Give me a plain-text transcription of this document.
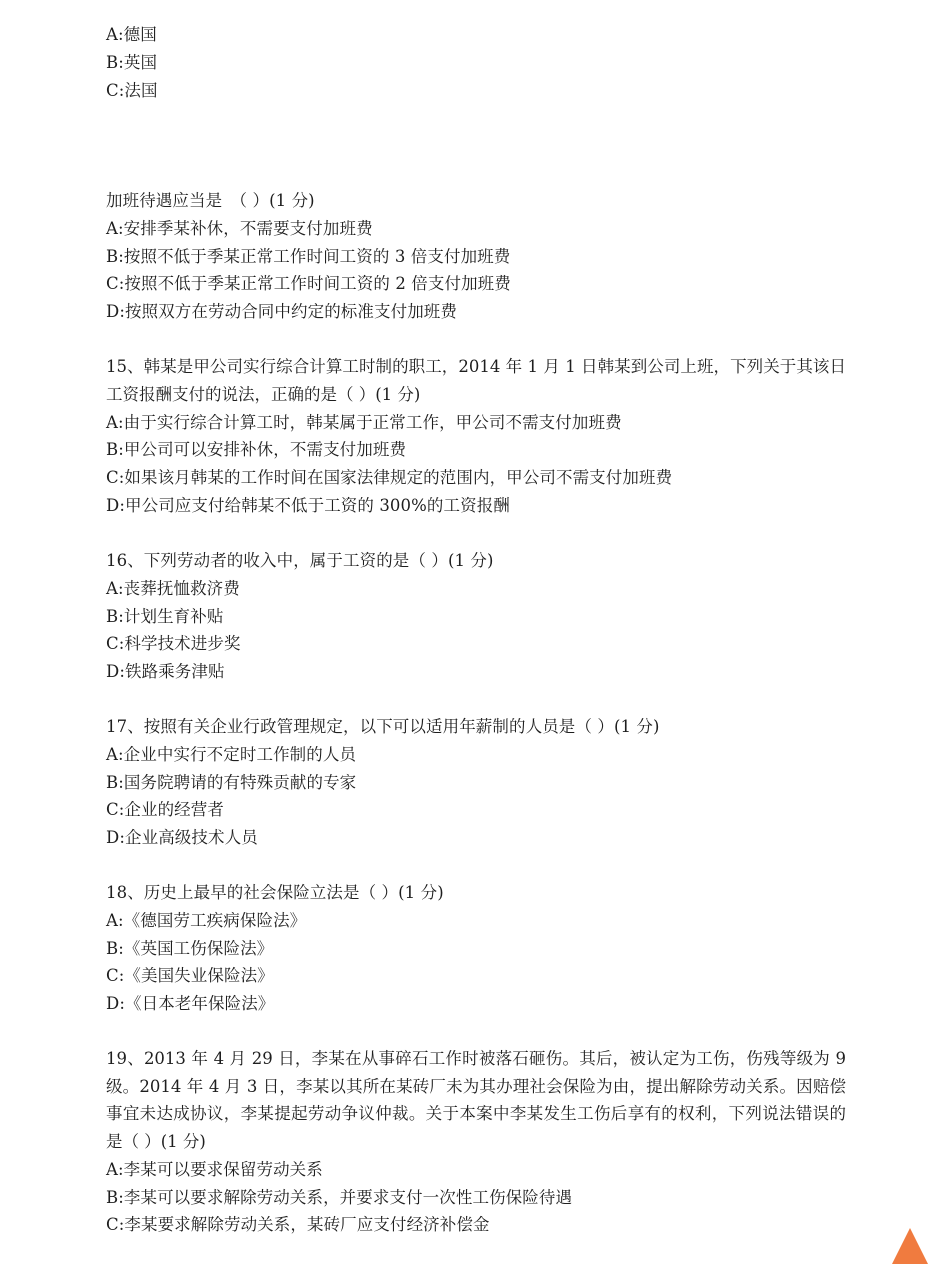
A:德国
B:英国
C:法国
加班待遇应当是　（ ）(1 分)
A:安排季某补休，不需要支付加班费
B:按照不低于季某正常工作时间工资的 3 倍支付加班费
C:按照不低于季某正常工作时间工资的 2 倍支付加班费
D:按照双方在劳动合同中约定的标准支付加班费
15、韩某是甲公司实行综合计算工时制的职工，2014 年 1 月 1 日韩某到公司上班，下列关于其该日工资报酬支付的说法，正确的是（ ）(1 分)
A:由于实行综合计算工时，韩某属于正常工作，甲公司不需支付加班费
B:甲公司可以安排补休，不需支付加班费
C:如果该月韩某的工作时间在国家法律规定的范围内，甲公司不需支付加班费
D:甲公司应支付给韩某不低于工资的 300%的工资报酬
16、下列劳动者的收入中，属于工资的是（ ）(1 分)
A:丧葬抚恤救济费
B:计划生育补贴
C:科学技术进步奖
D:铁路乘务津贴
17、按照有关企业行政管理规定，以下可以适用年薪制的人员是（ ）(1 分)
A:企业中实行不定时工作制的人员
B:国务院聘请的有特殊贡献的专家
C:企业的经营者
D:企业高级技术人员
18、历史上最早的社会保险立法是（ ）(1 分)
A:《德国劳工疾病保险法》
B:《英国工伤保险法》
C:《美国失业保险法》
D:《日本老年保险法》
19、2013 年 4 月 29 日，李某在从事碎石工作时被落石砸伤。其后，被认定为工伤，伤残等级为 9 级。2014 年 4 月 3 日，李某以其所在某砖厂未为其办理社会保险为由，提出解除劳动关系。因赔偿事宜未达成协议，李某提起劳动争议仲裁。关于本案中李某发生工伤后享有的权利，下列说法错误的是（ ）(1 分)
A:李某可以要求保留劳动关系
B:李某可以要求解除劳动关系，并要求支付一次性工伤保险待遇
C:李某要求解除劳动关系，某砖厂应支付经济补偿金
